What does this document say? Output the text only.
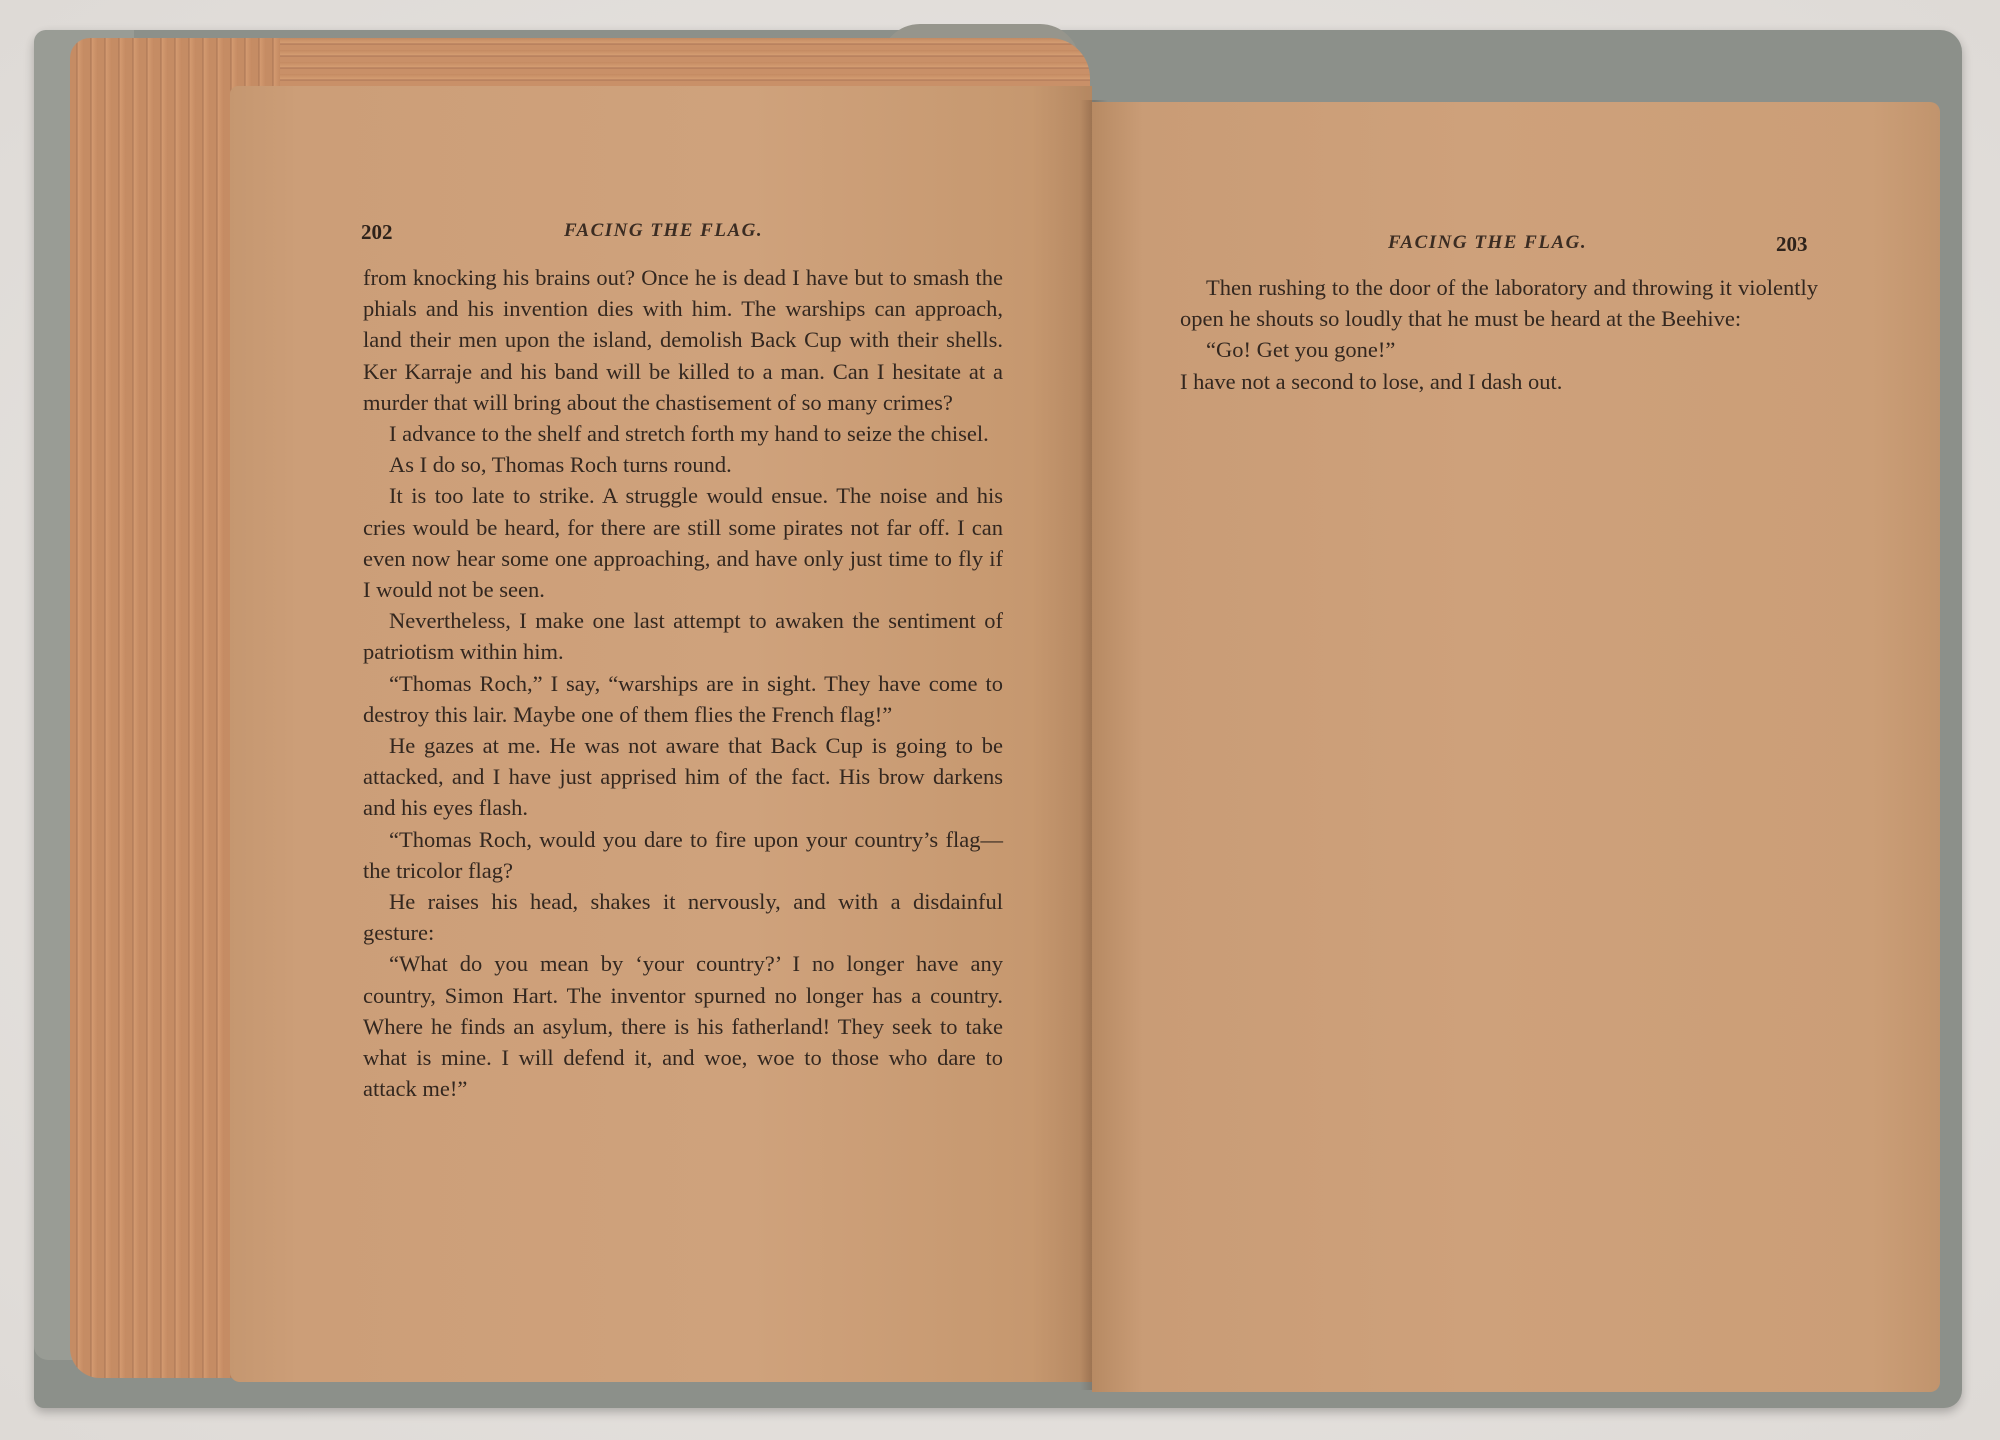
202	FACING THE FLAG.

from knocking his brains out? Once he is dead I have but to smash the phials and his invention dies with him. The warships can approach, land their men upon the island, demolish Back Cup with their shells. Ker Karraje and his band will be killed to a man. Can I hesitate at a murder that will bring about the chastisement of so many crimes?

I advance to the shelf and stretch forth my hand to seize the chisel.

As I do so, Thomas Roch turns round.

It is too late to strike. A struggle would ensue. The noise and his cries would be heard, for there are still some pirates not far off. I can even now hear some one approaching, and have only just time to fly if I would not be seen.

Nevertheless, I make one last attempt to awaken the sentiment of patriotism within him.

“Thomas Roch,” I say, “warships are in sight. They have come to destroy this lair. Maybe one of them flies the French flag!”

He gazes at me. He was not aware that Back Cup is going to be attacked, and I have just apprised him of the fact. His brow darkens and his eyes flash.

“Thomas Roch, would you dare to fire upon your country’s flag—the tricolor flag?

He raises his head, shakes it nervously, and with a disdainful gesture:

“What do you mean by ‘your country?’ I no longer have any country, Simon Hart. The inventor spurned no longer has a country. Where he finds an asylum, there is his fatherland! They seek to take what is mine. I will defend it, and woe, woe to those who dare to attack me!”

FACING THE FLAG.	203

Then rushing to the door of the laboratory and throwing it violently open he shouts so loudly that he must be heard at the Beehive:

“Go! Get you gone!”

I have not a second to lose, and I dash out.
